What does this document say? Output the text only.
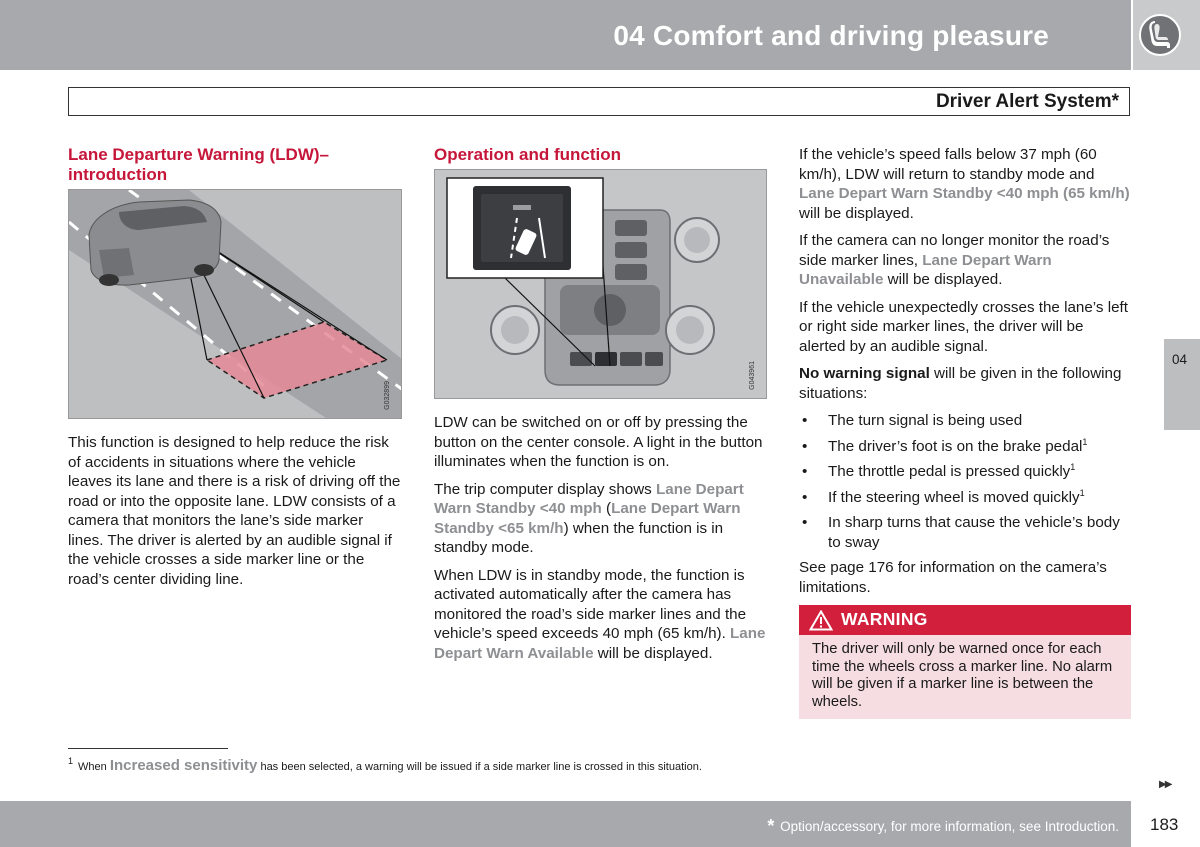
04 Comfort and driving pleasure
Driver Alert System*
Lane Departure Warning (LDW)–introduction
G032899

This function is designed to help reduce the risk of accidents in situations where the vehicle leaves its lane and there is a risk of driving off the road or into the opposite lane. LDW consists of a camera that monitors the lane’s side marker lines. The driver is alerted by an audible signal if the vehicle crosses a side marker line or the road’s center dividing line.

Operation and function
G043961

LDW can be switched on or off by pressing the button on the center console. A light in the button illuminates when the function is on.

The trip computer display shows Lane Depart Warn Standby <40 mph (Lane Depart Warn Standby <65 km/h) when the function is in standby mode.

When LDW is in standby mode, the function is activated automatically after the camera has monitored the road’s side marker lines and the vehicle’s speed exceeds 40 mph (65 km/h). Lane Depart Warn Available will be displayed.

If the vehicle’s speed falls below 37 mph (60 km/h), LDW will return to standby mode and Lane Depart Warn Standby <40 mph (65 km/h) will be displayed.

If the camera can no longer monitor the road’s side marker lines, Lane Depart Warn Unavailable will be displayed.

If the vehicle unexpectedly crosses the lane’s left or right side marker lines, the driver will be alerted by an audible signal.

No warning signal will be given in the following situations:

• The turn signal is being used
• The driver’s foot is on the brake pedal$^1$
• The throttle pedal is pressed quickly$^1$
• If the steering wheel is moved quickly$^1$
• In sharp turns that cause the vehicle’s body to sway

See page 176 for information on the camera’s limitations.

WARNING
The driver will only be warned once for each time the wheels cross a marker line. No alarm will be given if a marker line is between the wheels.
04
$^1$ When Increased sensitivity has been selected, a warning will be issued if a side marker line is crossed in this situation.
▶▶
* Option/accessory, for more information, see Introduction. 183
